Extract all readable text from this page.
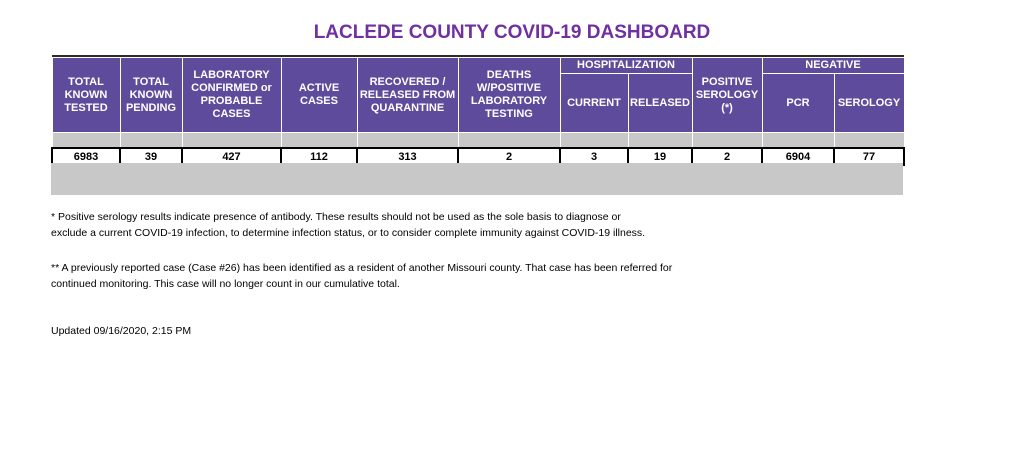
LACLEDE COUNTY COVID-19 DASHBOARD

TOTAL KNOWN TESTED	TOTAL KNOWN PENDING	LABORATORY CONFIRMED or PROBABLE CASES	ACTIVE CASES	RECOVERED / RELEASED FROM QUARANTINE	DEATHS W/POSITIVE LABORATORY TESTING	HOSPITALIZATION		POSITIVE SEROLOGY (*)	NEGATIVE	
						CURRENT	RELEASED		PCR	SEROLOGY

6983	39	427	112	313	2	3	19	2	6904	77
* Positive serology results indicate presence of antibody. These results should not be used as the sole basis to diagnose or
exclude a current COVID-19 infection, to determine infection status, or to consider complete immunity against COVID-19 illness.
** A previously reported case (Case #26) has been identified as a resident of another Missouri county. That case has been referred for
continued monitoring. This case will no longer count in our cumulative total.
Updated 09/16/2020, 2:15 PM
